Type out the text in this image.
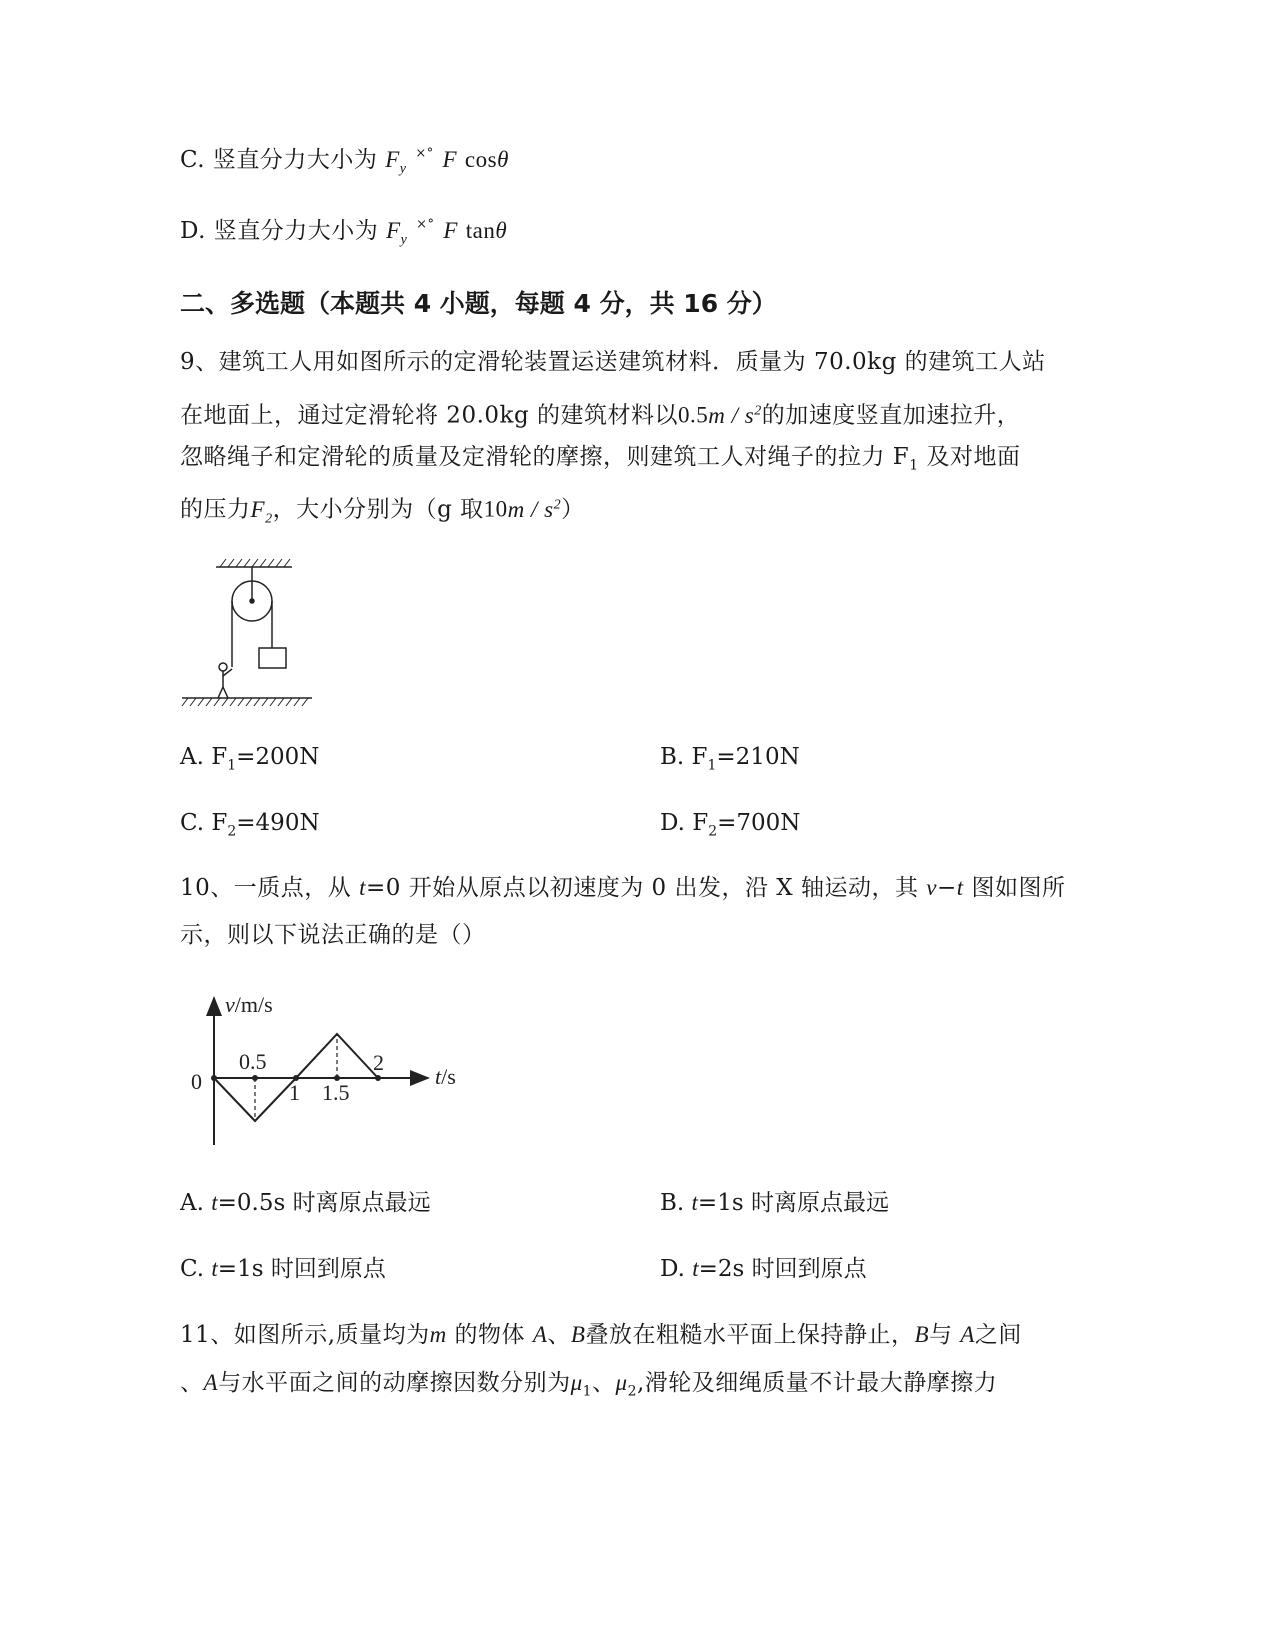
C. 竖直分力大小为 $F_y$ ×° F cosθ
D. 竖直分力大小为 $F_y$ ×° F tanθ
二、多选题（本题共 4 小题，每题 4 分，共 16 分）
9、建筑工人用如图所示的定滑轮装置运送建筑材料．质量为 70.0kg 的建筑工人站
在地面上，通过定滑轮将 20.0kg 的建筑材料以$0.5m / s^2$的加速度竖直加速拉升，
忽略绳子和定滑轮的质量及定滑轮的摩擦，则建筑工人对绳子的拉力 $F_1$ 及对地面
的压力$F_2$，大小分别为（g 取$10m / s^2$）
A. $F_1=200N$	B. $F_1=210N$
C. $F_2=490N$	D. $F_2=700N$
10、一质点，从 t=0 开始从原点以初速度为 0 出发，沿 X 轴运动，其 v−t 图如图所
示，则以下说法正确的是（）
v/m/s
t/s
0
0.5
1 1.5
2
A. t=0.5s 时离原点最远	B. t=1s 时离原点最远
C. t=1s 时回到原点	D. t=2s 时回到原点
11、如图所示,质量均为m 的物体 A、B叠放在粗糙水平面上保持静止，B与 A之间
、A与水平面之间的动摩擦因数分别为$\mu_1$、$\mu_2$,滑轮及细绳质量不计最大静摩擦力
